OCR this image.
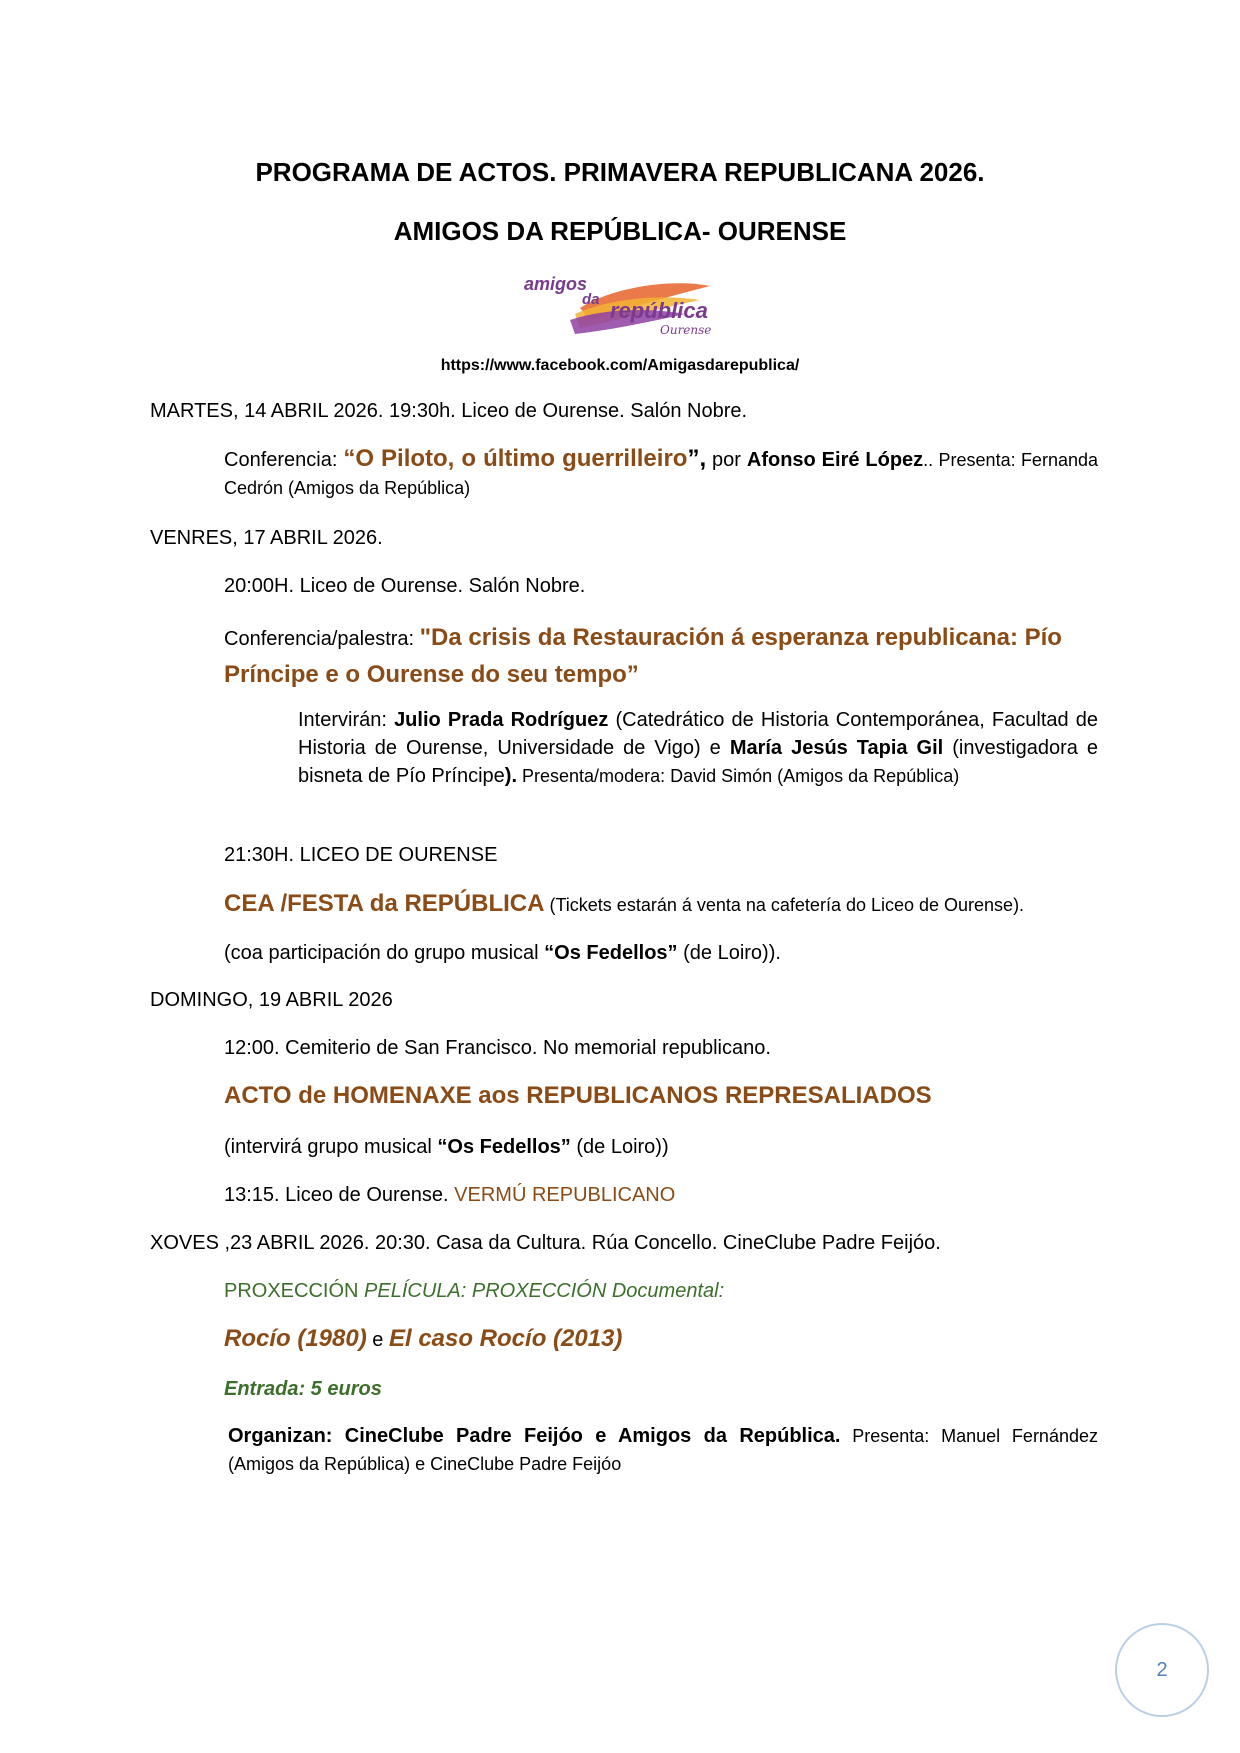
PROGRAMA DE ACTOS. PRIMAVERA REPUBLICANA 2026.
AMIGOS DA REPÚBLICA- OURENSE
amigos
da república
Ourense
https://www.facebook.com/Amigasdarepublica/
MARTES, 14 ABRIL 2026. 19:30h. Liceo de Ourense. Salón Nobre.
Conferencia: “O Piloto, o último guerrilleiro”, por Afonso Eiré López.. Presenta: Fernanda Cedrón (Amigos da República)
VENRES, 17 ABRIL 2026.
20:00H. Liceo de Ourense. Salón Nobre.
Conferencia/palestra: "Da crisis da Restauración á esperanza republicana: Pío Príncipe e o Ourense do seu tempo”
Intervirán: Julio Prada Rodríguez (Catedrático de Historia Contemporánea, Facultad de Historia de Ourense, Universidade de Vigo) e María Jesús Tapia Gil (investigadora e bisneta de Pío Príncipe). Presenta/modera: David Simón (Amigos da República)
21:30H. LICEO DE OURENSE
CEA /FESTA da REPÚBLICA (Tickets estarán á venta na cafetería do Liceo de Ourense).
(coa participación do grupo musical “Os Fedellos” (de Loiro)).
DOMINGO, 19 ABRIL 2026
12:00. Cemiterio de San Francisco. No memorial republicano.
ACTO de HOMENAXE aos REPUBLICANOS REPRESALIADOS
(intervirá grupo musical “Os Fedellos” (de Loiro))
13:15. Liceo de Ourense. VERMÚ REPUBLICANO
XOVES ,23 ABRIL 2026. 20:30. Casa da Cultura. Rúa Concello. CineClube Padre Feijóo.
PROXECCIÓN PELÍCULA: PROXECCIÓN Documental:
Rocío (1980) e El caso Rocío (2013)
Entrada: 5 euros
Organizan: CineClube Padre Feijóo e Amigos da República. Presenta: Manuel Fernández (Amigos da República) e CineClube Padre Feijóo
2
